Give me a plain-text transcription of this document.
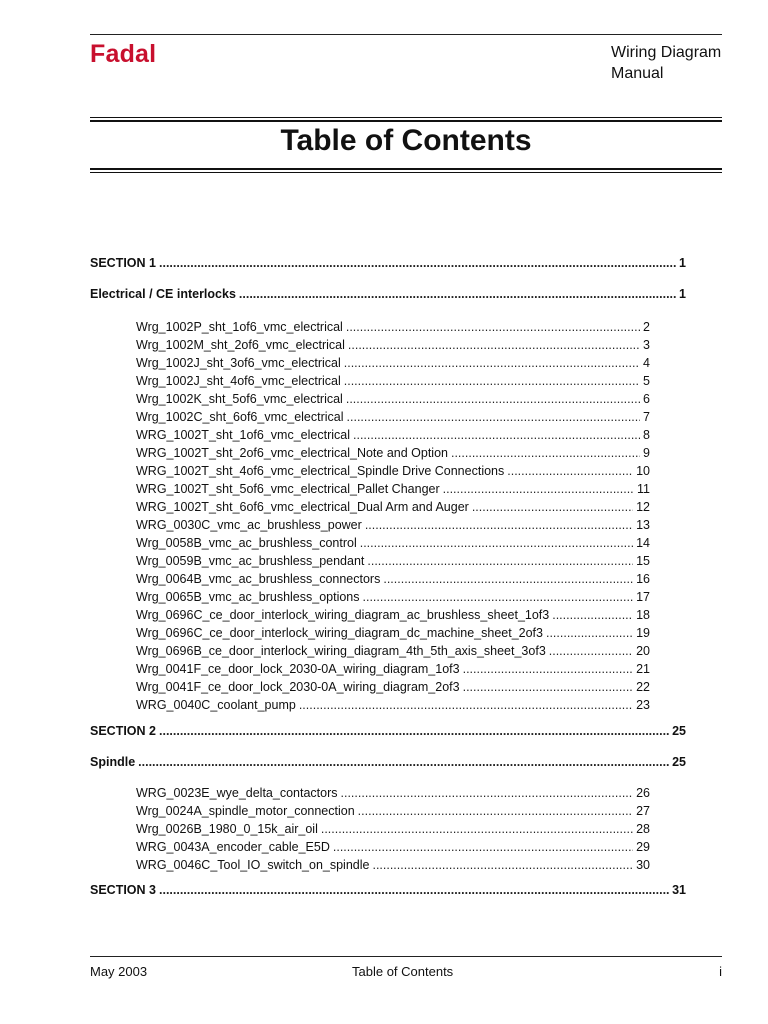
Fadal	Wiring Diagram
Manual
Table of Contents
SECTION 1 .....	1
Electrical / CE interlocks .....	1
Wrg_1002P_sht_1of6_vmc_electrical .....	2
Wrg_1002M_sht_2of6_vmc_electrical .....	3
Wrg_1002J_sht_3of6_vmc_electrical .....	4
Wrg_1002J_sht_4of6_vmc_electrical .....	5
Wrg_1002K_sht_5of6_vmc_electrical .....	6
Wrg_1002C_sht_6of6_vmc_electrical .....	7
WRG_1002T_sht_1of6_vmc_electrical .....	8
WRG_1002T_sht_2of6_vmc_electrical_Note and Option .....	9
WRG_1002T_sht_4of6_vmc_electrical_Spindle Drive Connections .....	10
WRG_1002T_sht_5of6_vmc_electrical_Pallet Changer .....	11
WRG_1002T_sht_6of6_vmc_electrical_Dual Arm and Auger .....	12
WRG_0030C_vmc_ac_brushless_power .....	13
Wrg_0058B_vmc_ac_brushless_control .....	14
Wrg_0059B_vmc_ac_brushless_pendant .....	15
Wrg_0064B_vmc_ac_brushless_connectors .....	16
Wrg_0065B_vmc_ac_brushless_options .....	17
Wrg_0696C_ce_door_interlock_wiring_diagram_ac_brushless_sheet_1of3 .....	18
Wrg_0696C_ce_door_interlock_wiring_diagram_dc_machine_sheet_2of3 .....	19
Wrg_0696B_ce_door_interlock_wiring_diagram_4th_5th_axis_sheet_3of3 .....	20
Wrg_0041F_ce_door_lock_2030-0A_wiring_diagram_1of3 .....	21
Wrg_0041F_ce_door_lock_2030-0A_wiring_diagram_2of3 .....	22
WRG_0040C_coolant_pump .....	23
SECTION 2 .....	25
Spindle .....	25
WRG_0023E_wye_delta_contactors .....	26
Wrg_0024A_spindle_motor_connection .....	27
Wrg_0026B_1980_0_15k_air_oil .....	28
WRG_0043A_encoder_cable_E5D .....	29
WRG_0046C_Tool_IO_switch_on_spindle .....	30
SECTION 3 .....	31
May 2003	Table of Contents	i
